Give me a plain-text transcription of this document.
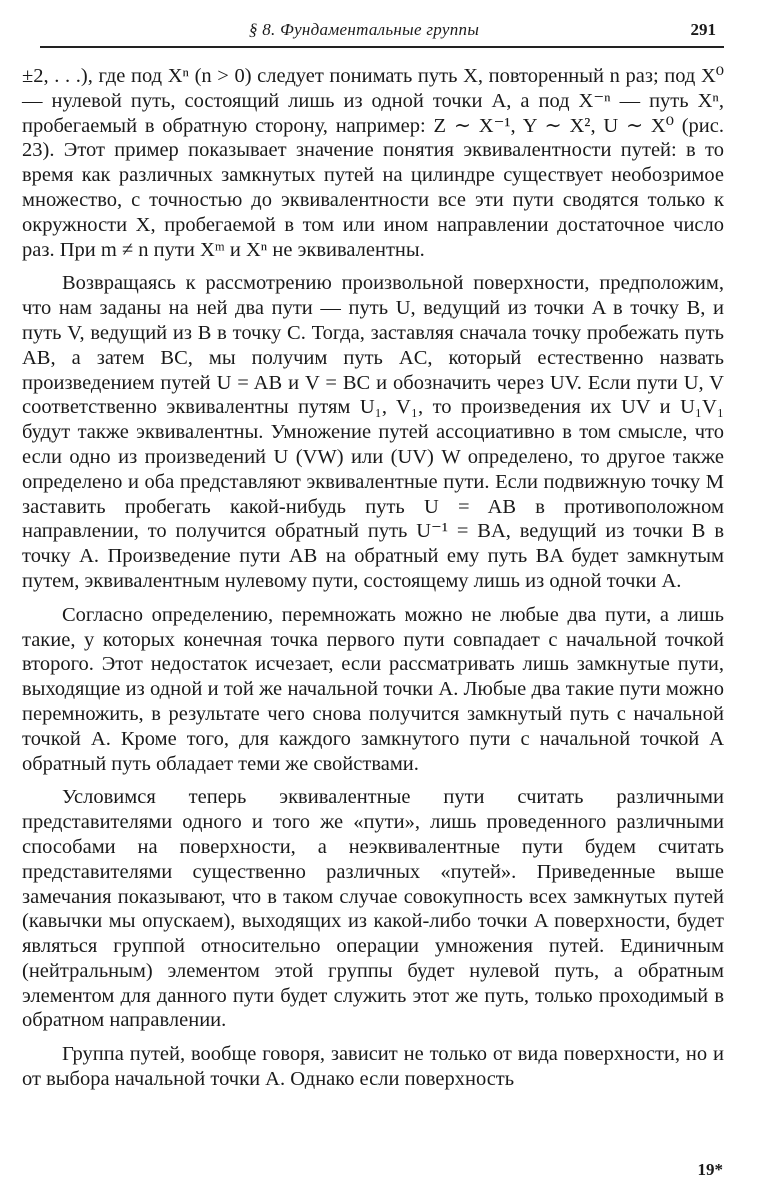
§ 8. Фундаментальные группы	291

±2, . . .), где под Xⁿ (n > 0) следует понимать путь X, повторенный n раз; под X⁰ — нулевой путь, состоящий лишь из одной точки A, а под X⁻ⁿ — путь Xⁿ, пробегаемый в обратную сторону, например: Z ∼ X⁻¹, Y ∼ X², U ∼ X⁰ (рис. 23). Этот пример показывает значение понятия эквивалентности путей: в то время как различных замкнутых путей на цилиндре существует необозримое множество, с точностью до эквивалентности все эти пути сводятся только к окружности X, пробегаемой в том или ином направлении достаточное число раз. При m ≠ n пути Xᵐ и Xⁿ не эквивалентны.

Возвращаясь к рассмотрению произвольной поверхности, предположим, что нам заданы на ней два пути — путь U, ведущий из точки A в точку B, и путь V, ведущий из B в точку C. Тогда, заставляя сначала точку пробежать путь AB, а затем BC, мы получим путь AC, который естественно назвать произведением путей U = AB и V = BC и обозначить через UV. Если пути U, V соответственно эквивалентны путям U₁, V₁, то произведения их UV и U₁V₁ будут также эквивалентны. Умножение путей ассоциативно в том смысле, что если одно из произведений U (VW) или (UV) W определено, то другое также определено и оба представляют эквивалентные пути. Если подвижную точку M заставить пробегать какой-нибудь путь U = AB в противоположном направлении, то получится обратный путь U⁻¹ = BA, ведущий из точки B в точку A. Произведение пути AB на обратный ему путь BA будет замкнутым путем, эквивалентным нулевому пути, состоящему лишь из одной точки A.

Согласно определению, перемножать можно не любые два пути, а лишь такие, у которых конечная точка первого пути совпадает с начальной точкой второго. Этот недостаток исчезает, если рассматривать лишь замкнутые пути, выходящие из одной и той же начальной точки A. Любые два такие пути можно перемножить, в результате чего снова получится замкнутый путь с начальной точкой A. Кроме того, для каждого замкнутого пути с начальной точкой A обратный путь обладает теми же свойствами.

Условимся теперь эквивалентные пути считать различными представителями одного и того же «пути», лишь проведенного различными способами на поверхности, а неэквивалентные пути будем считать представителями существенно различных «путей». Приведенные выше замечания показывают, что в таком случае совокупность всех замкнутых путей (кавычки мы опускаем), выходящих из какой-либо точки A поверхности, будет являться группой относительно операции умножения путей. Единичным (нейтральным) элементом этой группы будет нулевой путь, а обратным элементом для данного пути будет служить этот же путь, только проходимый в обратном направлении.

Группа путей, вообще говоря, зависит не только от вида поверхности, но и от выбора начальной точки A. Однако если поверхность

19*
